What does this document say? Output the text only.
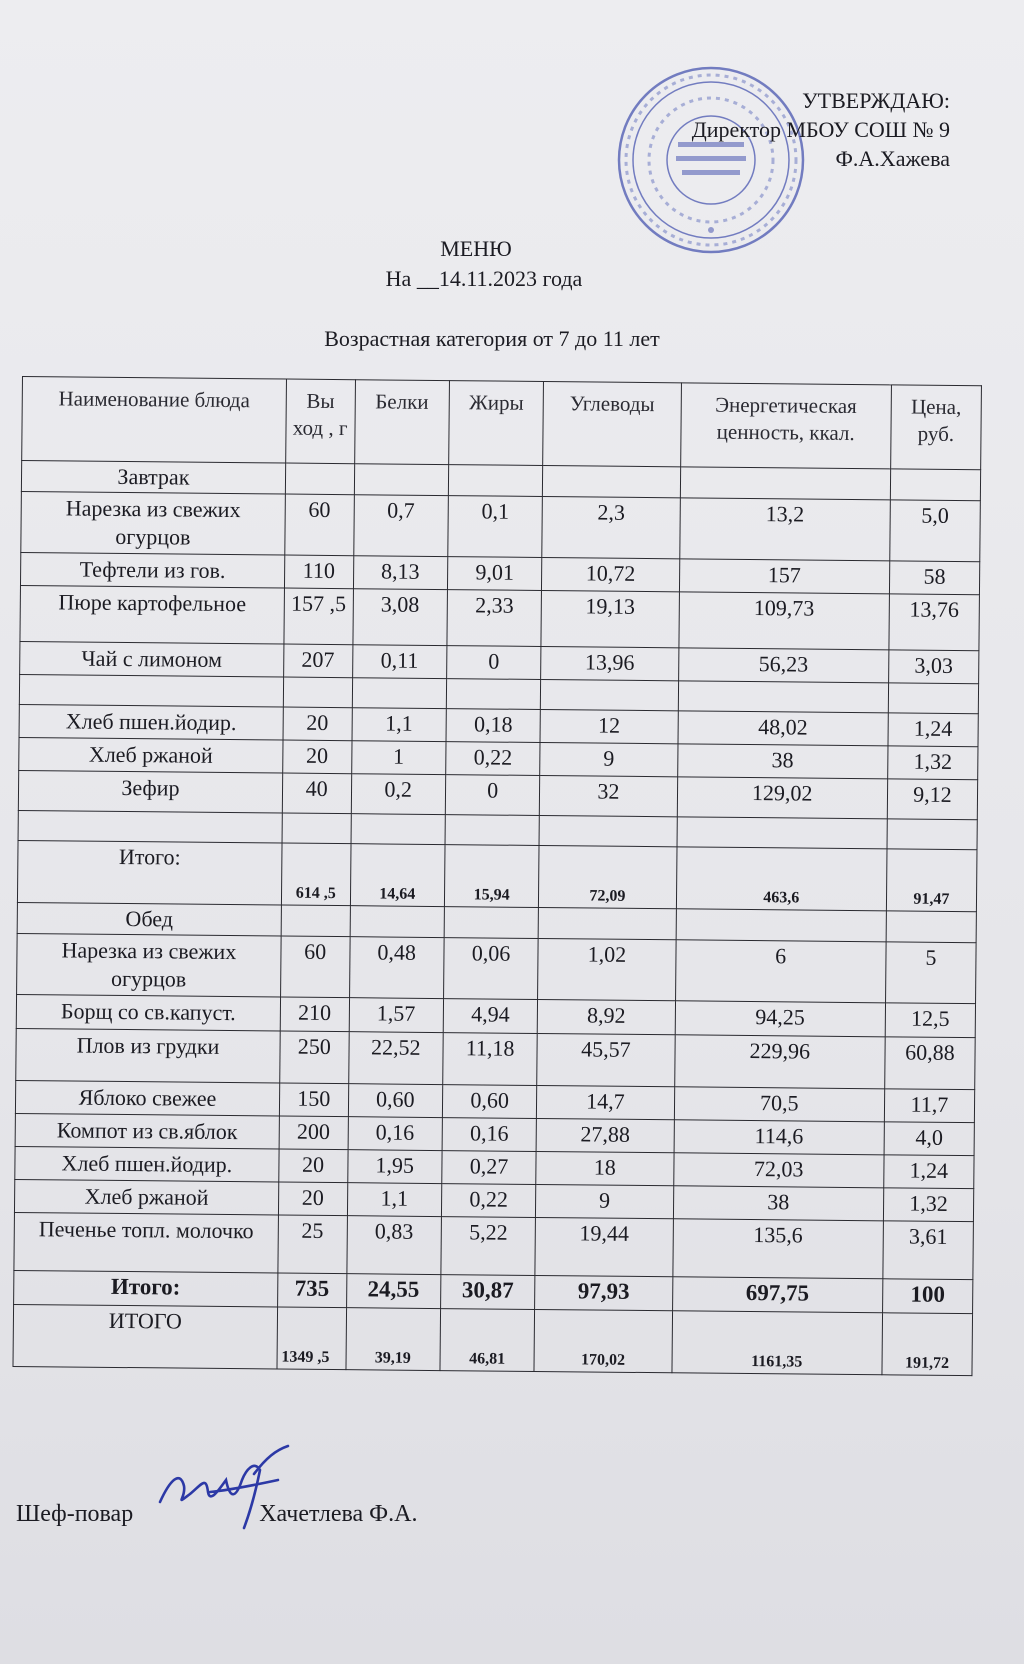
УТВЕРЖДАЮ:
Директор МБОУ СОШ № 9
Ф.А.Хажева
МЕНЮ
На __14.11.2023 года
Возрастная категория от 7 до 11 лет
Наименование блюда	Вы ход , г	Белки	Жиры	Углеводы	Энергетическая ценность, ккал.	Цена, руб.
Завтрак						
Нарезка из свежих огурцов	60	0,7	0,1	2,3	13,2	5,0
Тефтели из гов.	110	8,13	9,01	10,72	157	58
Пюре картофельное	157 ,5	3,08	2,33	19,13	109,73	13,76
Чай с лимоном	207	0,11	0	13,96	56,23	3,03

Хлеб пшен.йодир.	20	1,1	0,18	12	48,02	1,24
Хлеб ржаной	20	1	0,22	9	38	1,32
Зефир	40	0,2	0	32	129,02	9,12

Итого:	614 ,5	14,64	15,94	72,09	463,6	91,47
Обед						
Нарезка из свежих огурцов	60	0,48	0,06	1,02	6	5
Борщ со св.капуст.	210	1,57	4,94	8,92	94,25	12,5
Плов из грудки	250	22,52	11,18	45,57	229,96	60,88
Яблоко свежее	150	0,60	0,60	14,7	70,5	11,7
Компот из св.яблок	200	0,16	0,16	27,88	114,6	4,0
Хлеб пшен.йодир.	20	1,95	0,27	18	72,03	1,24
Хлеб ржаной	20	1,1	0,22	9	38	1,32
Печенье топл. молочко	25	0,83	5,22	19,44	135,6	3,61
Итого:	735	24,55	30,87	97,93	697,75	100
ИТОГО	1349 ,5	39,19	46,81	170,02	1161,35	191,72
Шеф-повар	Хачетлева Ф.А.
